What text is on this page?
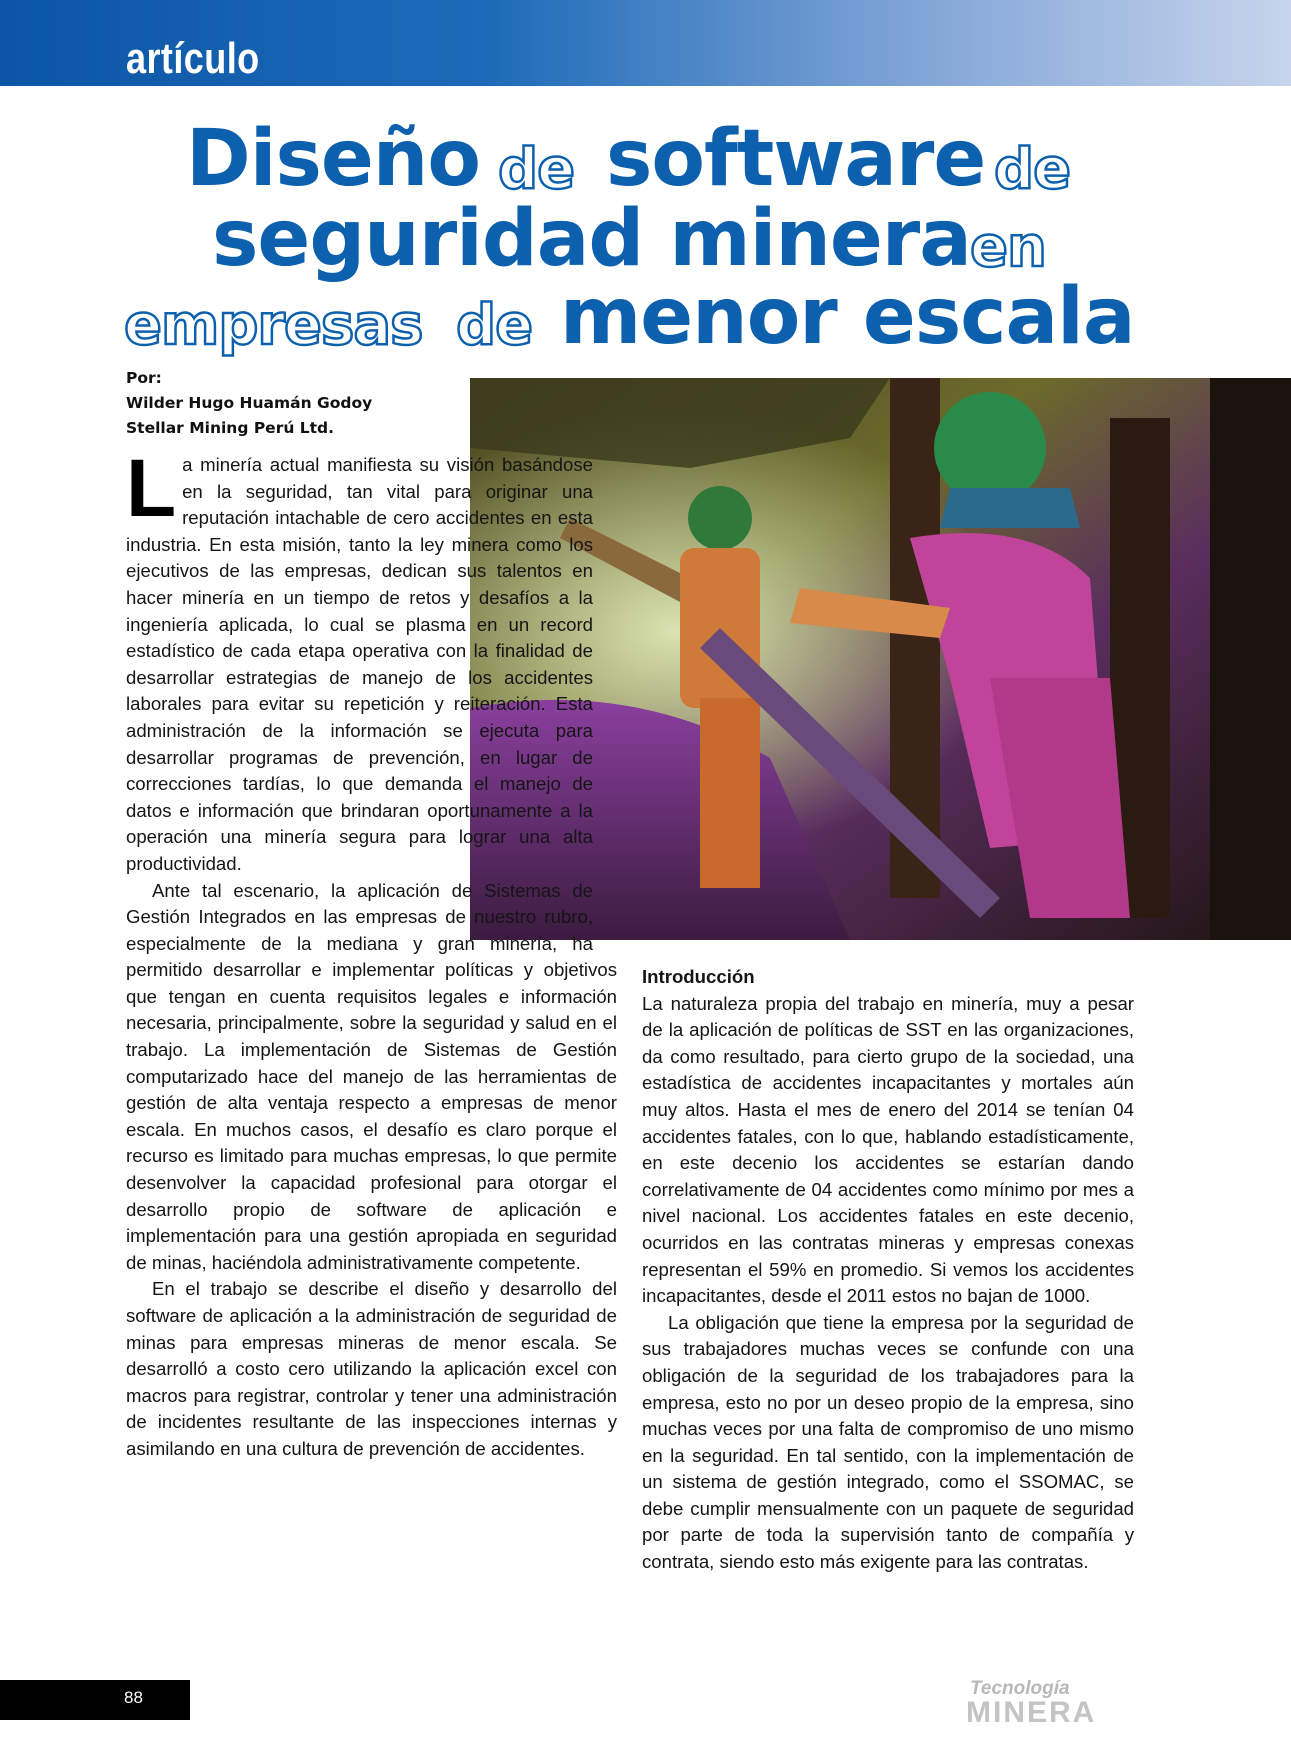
artículo
Diseño de software de
seguridad minera en
empresas de menor escala
Por:
Wilder Hugo Huamán Godoy
Stellar Mining Perú Ltd.

La minería actual manifiesta su visión basándose en la seguridad, tan vital para originar una reputación intachable de cero accidentes en esta industria. En esta misión, tanto la ley minera como los ejecutivos de las empresas, dedican sus talentos en hacer minería en un tiempo de retos y desafíos a la ingeniería aplicada, lo cual se plasma en un record estadístico de cada etapa operativa con la finalidad de desarrollar estrategias de manejo de los accidentes laborales para evitar su repetición y reiteración. Esta administración de la información se ejecuta para desarrollar programas de prevención, en lugar de correcciones tardías, lo que demanda el manejo de datos e información que brindaran oportunamente a la operación una minería segura para lograr una alta productividad.

Ante tal escenario, la aplicación de Sistemas de Gestión Integrados en las empresas de nuestro rubro, especialmente de la mediana y gran minería, ha permitido desarrollar e implementar políticas y objetivos que tengan en cuenta requisitos legales e información necesaria, principalmente, sobre la seguridad y salud en el trabajo. La implementación de Sistemas de Gestión computarizado hace del manejo de las herramientas de gestión de alta ventaja respecto a empresas de menor escala. En muchos casos, el desafío es claro porque el recurso es limitado para muchas empresas, lo que permite desenvolver la capacidad profesional para otorgar el desarrollo propio de software de aplicación e implementación para una gestión apropiada en seguridad de minas, haciéndola administrativamente competente.

En el trabajo se describe el diseño y desarrollo del software de aplicación a la administración de seguridad de minas para empresas mineras de menor escala. Se desarrolló a costo cero utilizando la aplicación excel con macros para registrar, controlar y tener una administración de incidentes resultante de las inspecciones internas y asimilando en una cultura de prevención de accidentes.

Introducción

La naturaleza propia del trabajo en minería, muy a pesar de la aplicación de políticas de SST en las organizaciones, da como resultado, para cierto grupo de la sociedad, una estadística de accidentes incapacitantes y mortales aún muy altos. Hasta el mes de enero del 2014 se tenían 04 accidentes fatales, con lo que, hablando estadísticamente, en este decenio los accidentes se estarían dando correlativamente de 04 accidentes como mínimo por mes a nivel nacional. Los accidentes fatales en este decenio, ocurridos en las contratas mineras y empresas conexas representan el 59% en promedio. Si vemos los accidentes incapacitantes, desde el 2011 estos no bajan de 1000.

La obligación que tiene la empresa por la seguridad de sus trabajadores muchas veces se confunde con una obligación de la seguridad de los trabajadores para la empresa, esto no por un deseo propio de la empresa, sino muchas veces por una falta de compromiso de uno mismo en la seguridad. En tal sentido, con la implementación de un sistema de gestión integrado, como el SSOMAC, se debe cumplir mensualmente con un paquete de seguridad por parte de toda la supervisión tanto de compañía y contrata, siendo esto más exigente para las contratas.

88	Tecnología
MINERA
